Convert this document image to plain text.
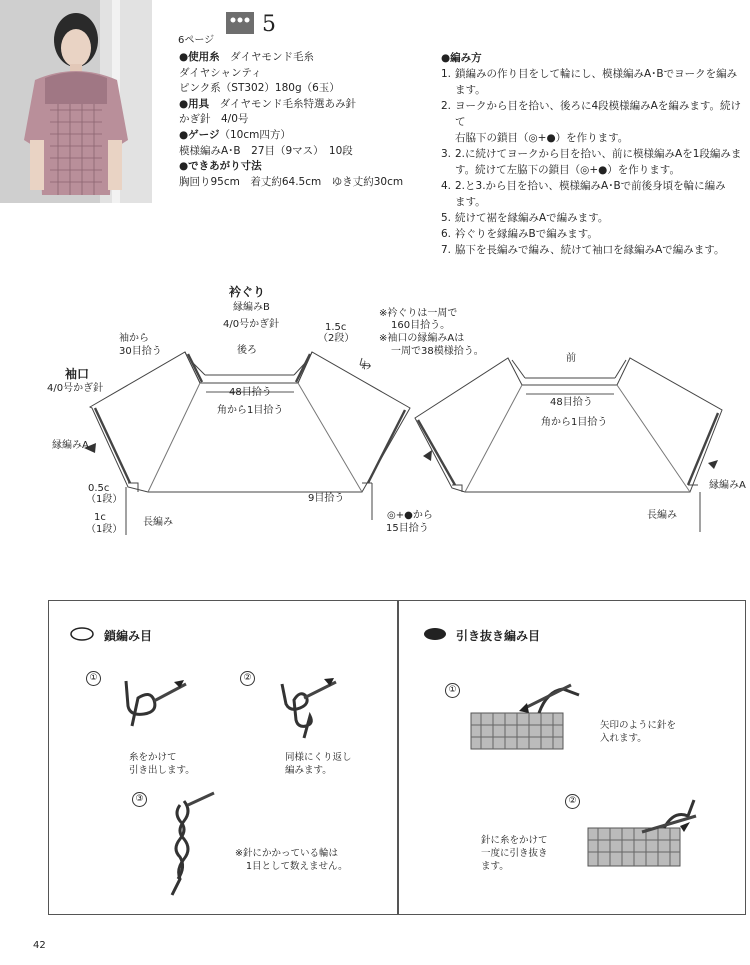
6ページ
5
●使用糸　 ダイヤモンド毛糸
ダイヤシャンティ
ピンク系（ST302）180g（6玉）
●用具　 ダイヤモンド毛糸特選あみ針
かぎ針　4/0号
●ゲージ（10cm四方）
模様編みA･B　27目（9マス）　10段
●できあがり寸法
胸回り95cm　着丈約64.5cm　ゆき丈約30cm
●編み方
1. 鎖編みの作り目をして輪にし、模様編みA･Bでヨークを編み
ます。
2. ヨークから目を拾い、後ろに4段模様編みAを編みます。続けて
右脇下の鎖目（◎+●）を作ります。
3. 2.に続けてヨークから目を拾い、前に模様編みAを1段編みま
す。続けて左脇下の鎖目（◎+●）を作ります。
4. 2.と3.から目を拾い、模様編みA･Bで前後身頃を輪に編み
ます。
5. 続けて裾を縁編みAで編みます。
6. 衿ぐりを縁編みBで編みます。
7. 脇下を長編みで編み、続けて袖口を縁編みAで編みます。
衿ぐり
縁編みB
4/0号かぎ針
袖から
30目拾う	後ろ
前
1.5c
（2段）
わ
※衿ぐりは一周で
160目拾う。
※袖口の縁編みAは
一周で38模様拾う。
袖口
4/0号かぎ針	48目拾う
48目拾う
角から1目拾う
角から1目拾う
縁編みA
縁編みA
0.5c
（1段）
1c
（1段）
長編み
長編み
9目拾う
◎+●から
15目拾う
鎖編み目
①
糸をかけて
引き出します。
②
同様にくり返し
編みます。
③
※針にかかっている輪は
1目として数えません。
引き抜き編み目
①
矢印のように針を
入れます。
②
針に糸をかけて
一度に引き抜き
ます。
42
